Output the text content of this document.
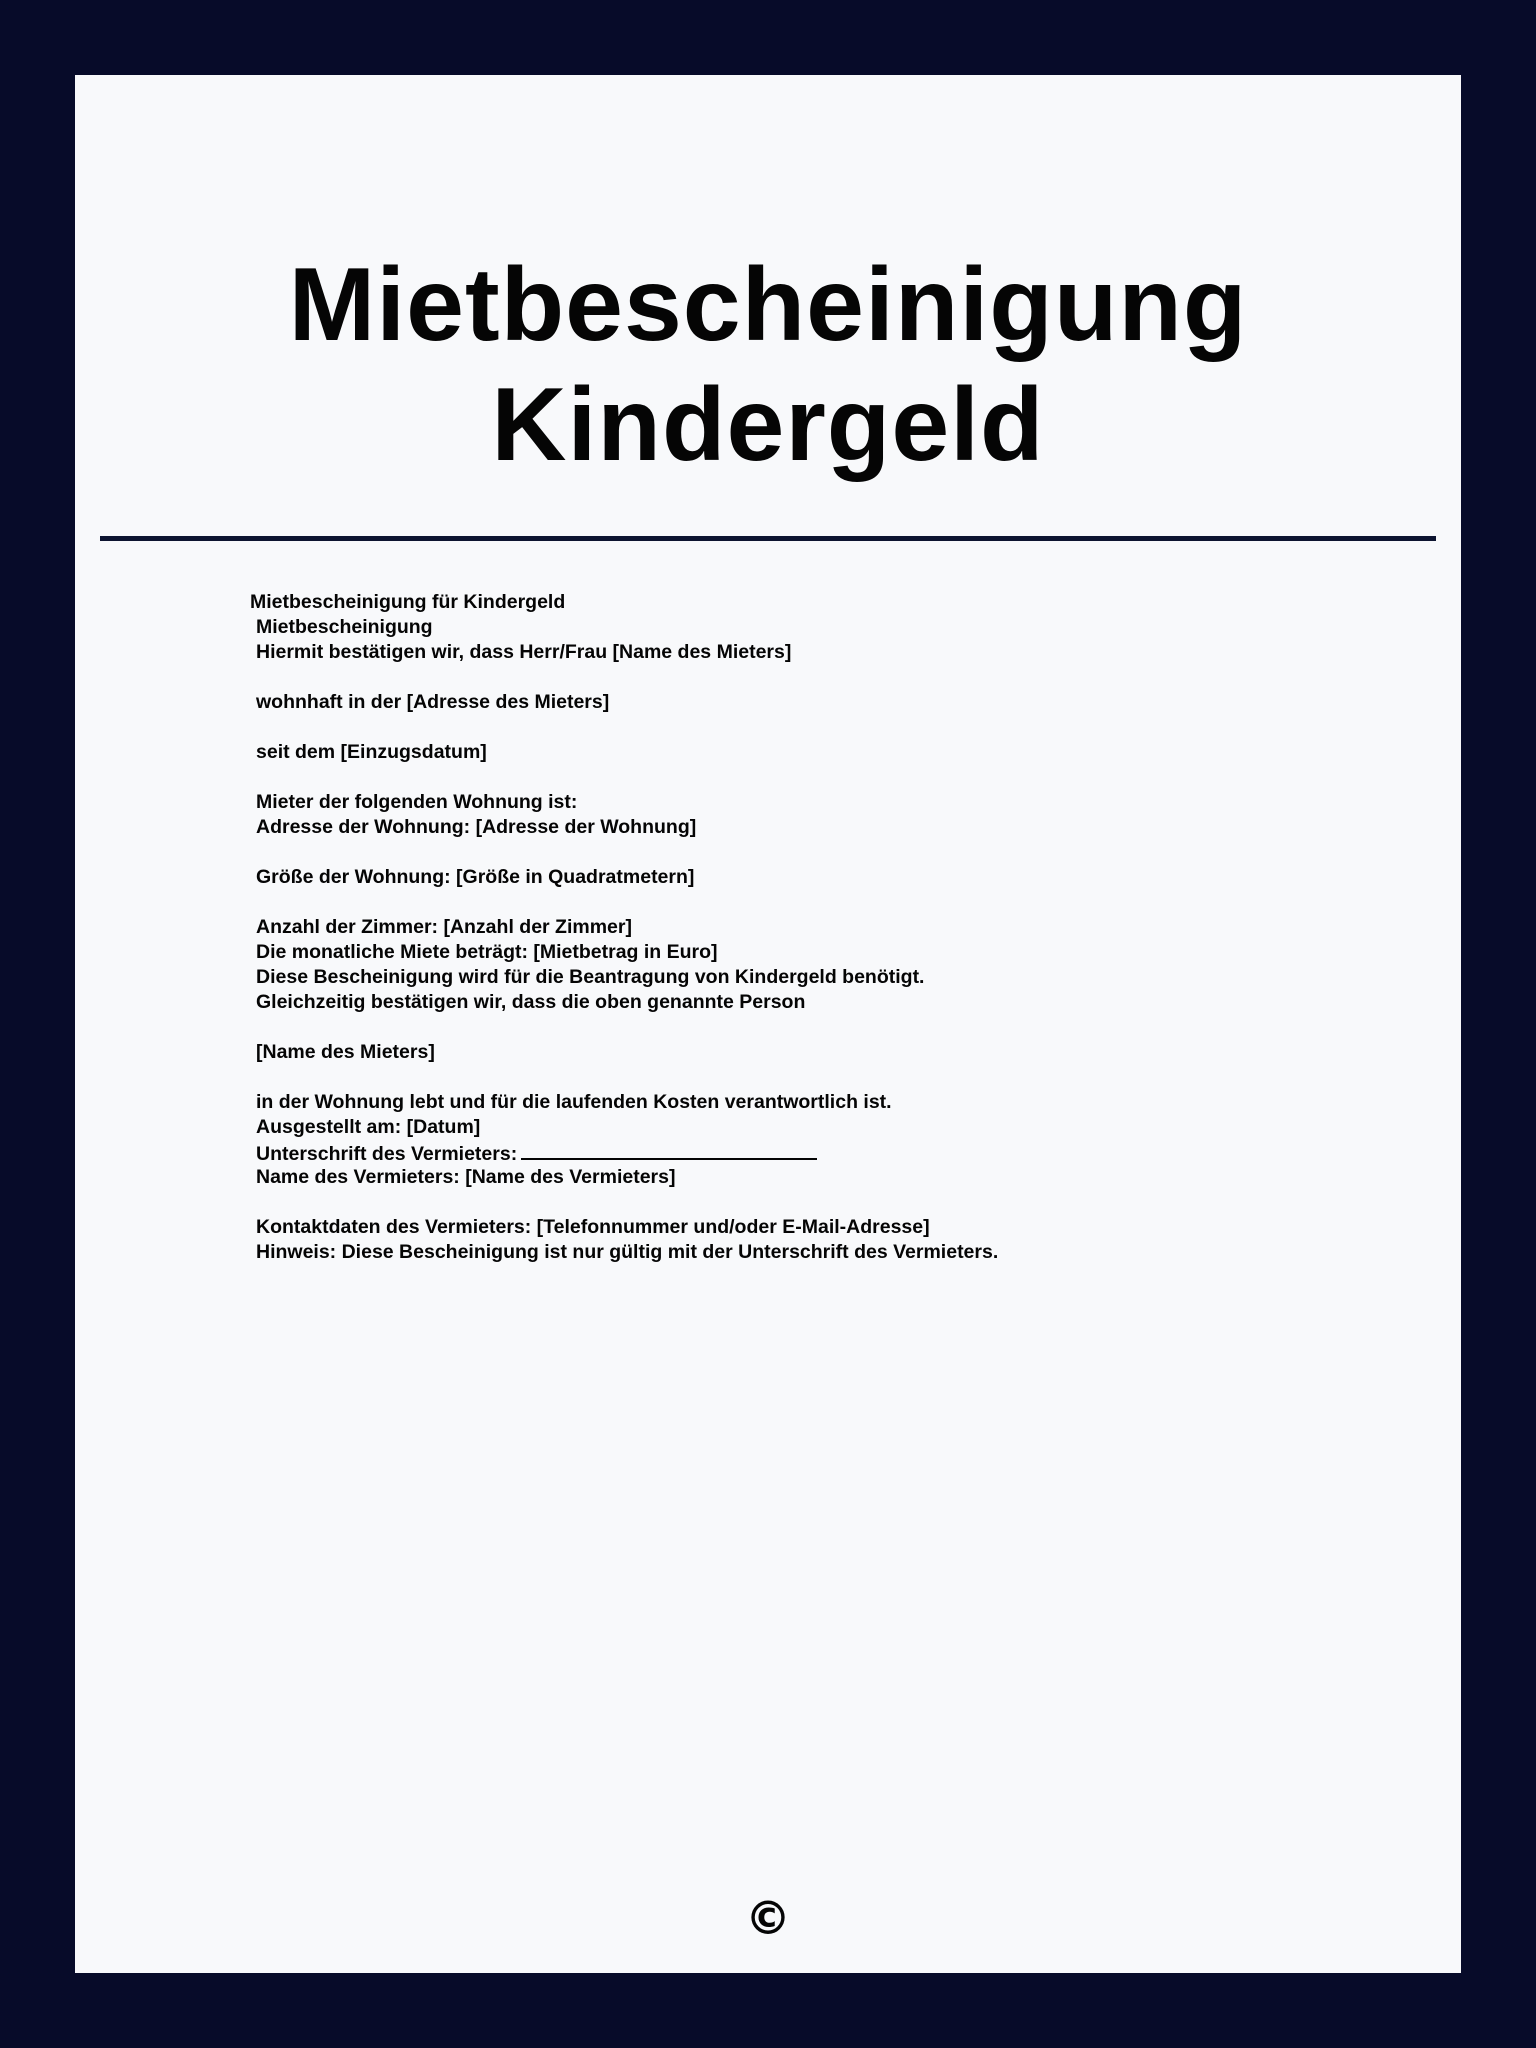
Mietbescheinigung
Kindergeld
Mietbescheinigung für Kindergeld
Mietbescheinigung
Hiermit bestätigen wir, dass Herr/Frau [Name des Mieters]
wohnhaft in der [Adresse des Mieters]
seit dem [Einzugsdatum]
Mieter der folgenden Wohnung ist:
Adresse der Wohnung: [Adresse der Wohnung]
Größe der Wohnung: [Größe in Quadratmetern]
Anzahl der Zimmer: [Anzahl der Zimmer]
Die monatliche Miete beträgt: [Mietbetrag in Euro]
Diese Bescheinigung wird für die Beantragung von Kindergeld benötigt.
Gleichzeitig bestätigen wir, dass die oben genannte Person
[Name des Mieters]
in der Wohnung lebt und für die laufenden Kosten verantwortlich ist.
Ausgestellt am: [Datum]
Unterschrift des Vermieters:
Name des Vermieters: [Name des Vermieters]
Kontaktdaten des Vermieters: [Telefonnummer und/oder E-Mail-Adresse]
Hinweis: Diese Bescheinigung ist nur gültig mit der Unterschrift des Vermieters.
©
